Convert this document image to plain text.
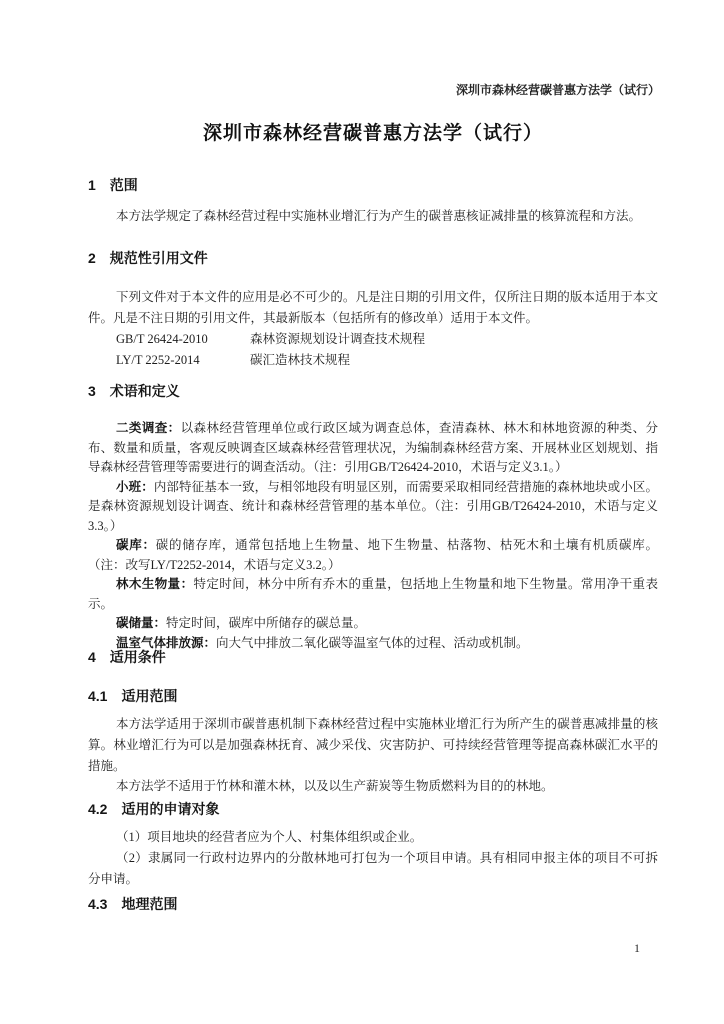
深圳市森林经营碳普惠方法学（试行）
深圳市森林经营碳普惠方法学（试行）
1 范围
本方法学规定了森林经营过程中实施林业增汇行为产生的碳普惠核证减排量的核算流程和方法。
2 规范性引用文件
下列文件对于本文件的应用是必不可少的。凡是注日期的引用文件，仅所注日期的版本适用于本文件。凡是不注日期的引用文件，其最新版本（包括所有的修改单）适用于本文件。
GB/T 26424-2010	森林资源规划设计调查技术规程
LY/T 2252-2014	碳汇造林技术规程
3 术语和定义
二类调查：以森林经营管理单位或行政区域为调查总体，查清森林、林木和林地资源的种类、分布、数量和质量，客观反映调查区域森林经营管理状况，为编制森林经营方案、开展林业区划规划、指导森林经营管理等需要进行的调查活动。（注：引用GB/T26424-2010，术语与定义3.1。）
小班：内部特征基本一致，与相邻地段有明显区别，而需要采取相同经营措施的森林地块或小区。是森林资源规划设计调查、统计和森林经营管理的基本单位。（注：引用GB/T26424-2010，术语与定义3.3。）
碳库：碳的储存库，通常包括地上生物量、地下生物量、枯落物、枯死木和土壤有机质碳库。（注：改写LY/T2252-2014，术语与定义3.2。）
林木生物量：特定时间，林分中所有乔木的重量，包括地上生物量和地下生物量。常用净干重表示。
碳储量：特定时间，碳库中所储存的碳总量。
温室气体排放源：向大气中排放二氧化碳等温室气体的过程、活动或机制。
4 适用条件
4.1 适用范围
本方法学适用于深圳市碳普惠机制下森林经营过程中实施林业增汇行为所产生的碳普惠减排量的核算。林业增汇行为可以是加强森林抚育、减少采伐、灾害防护、可持续经营管理等提高森林碳汇水平的措施。
本方法学不适用于竹林和灌木林，以及以生产薪炭等生物质燃料为目的的林地。
4.2 适用的申请对象
（1）项目地块的经营者应为个人、村集体组织或企业。
（2）隶属同一行政村边界内的分散林地可打包为一个项目申请。具有相同申报主体的项目不可拆分申请。
4.3 地理范围
1
